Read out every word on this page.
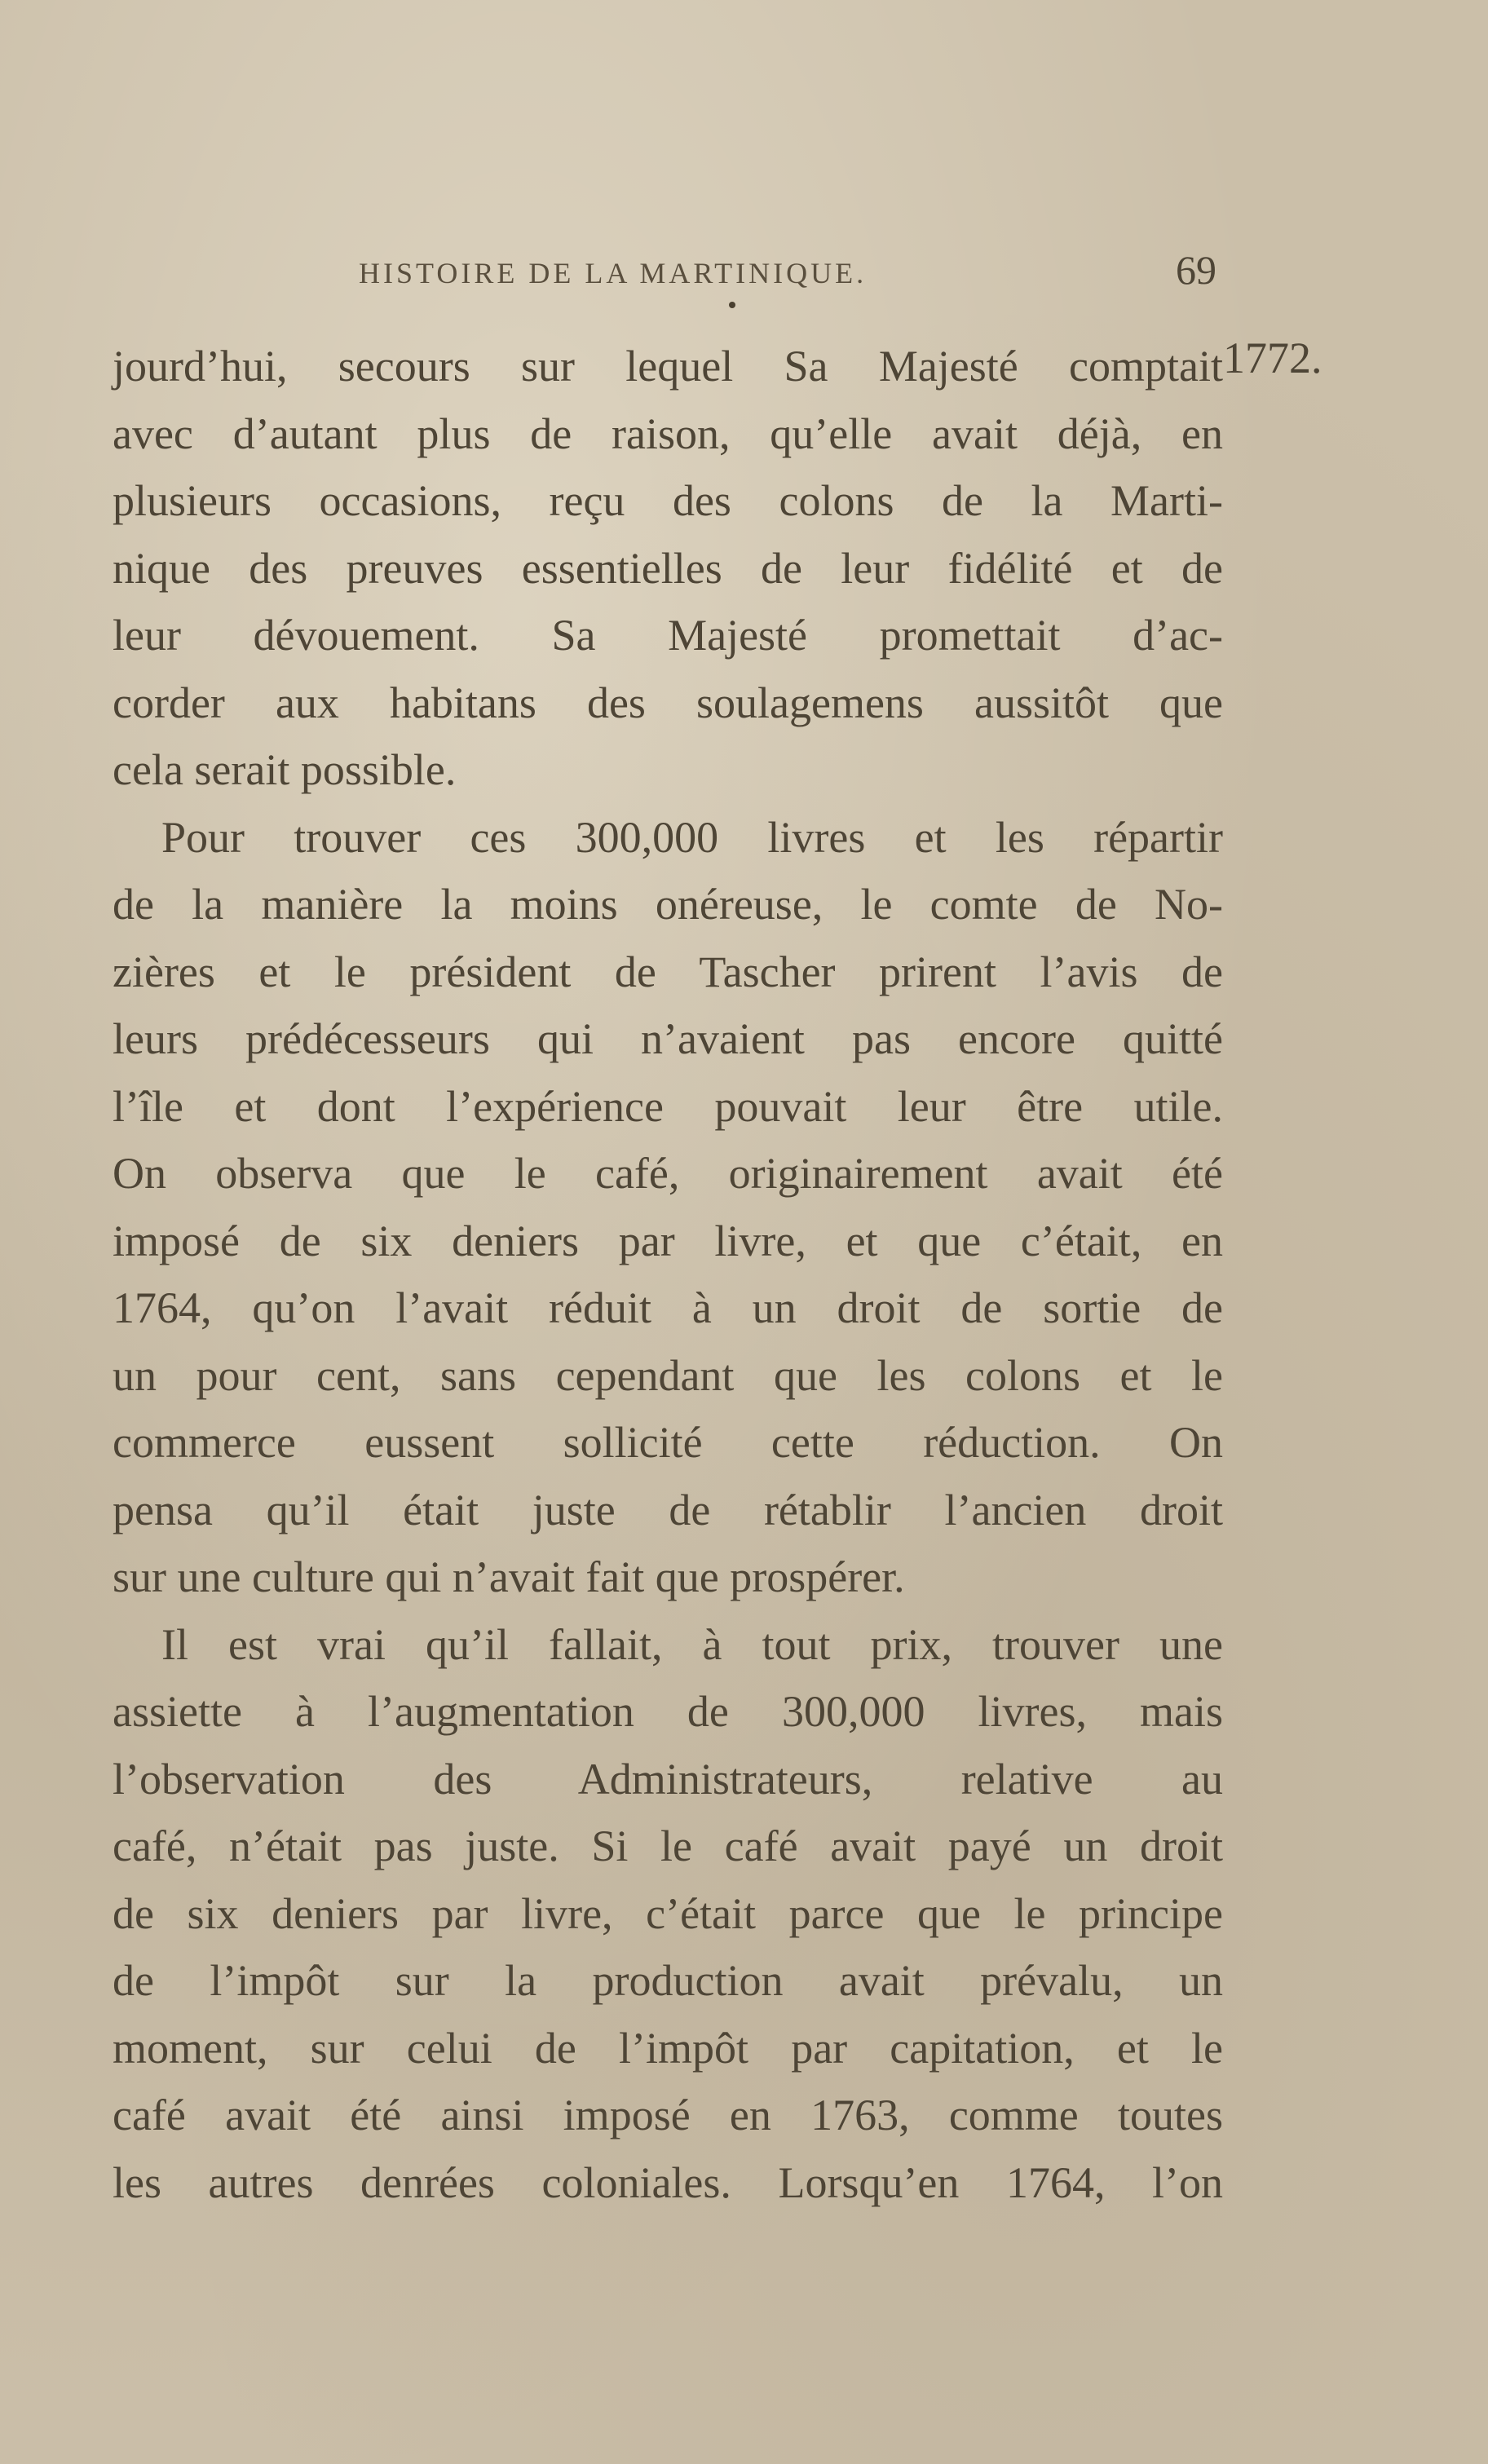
HISTOIRE DE LA MARTINIQUE.	69
1772.
jourd’hui, secours sur lequel Sa Majesté comptait
avec d’autant plus de raison, qu’elle avait déjà, en
plusieurs occasions, reçu des colons de la Marti-
nique des preuves essentielles de leur fidélité et de
leur dévouement. Sa Majesté promettait d’ac-
corder aux habitans des soulagemens aussitôt que
cela serait possible.
Pour trouver ces 300,000 livres et les répartir
de la manière la moins onéreuse, le comte de No-
zières et le président de Tascher prirent l’avis de
leurs prédécesseurs qui n’avaient pas encore quitté
l’île et dont l’expérience pouvait leur être utile.
On observa que le café, originairement avait été
imposé de six deniers par livre, et que c’était, en
1764, qu’on l’avait réduit à un droit de sortie de
un pour cent, sans cependant que les colons et le
commerce eussent sollicité cette réduction. On
pensa qu’il était juste de rétablir l’ancien droit
sur une culture qui n’avait fait que prospérer.
Il est vrai qu’il fallait, à tout prix, trouver une
assiette à l’augmentation de 300,000 livres, mais
l’observation des Administrateurs, relative au
café, n’était pas juste. Si le café avait payé un droit
de six deniers par livre, c’était parce que le principe
de l’impôt sur la production avait prévalu, un
moment, sur celui de l’impôt par capitation, et le
café avait été ainsi imposé en 1763, comme toutes
les autres denrées coloniales. Lorsqu’en 1764, l’on
